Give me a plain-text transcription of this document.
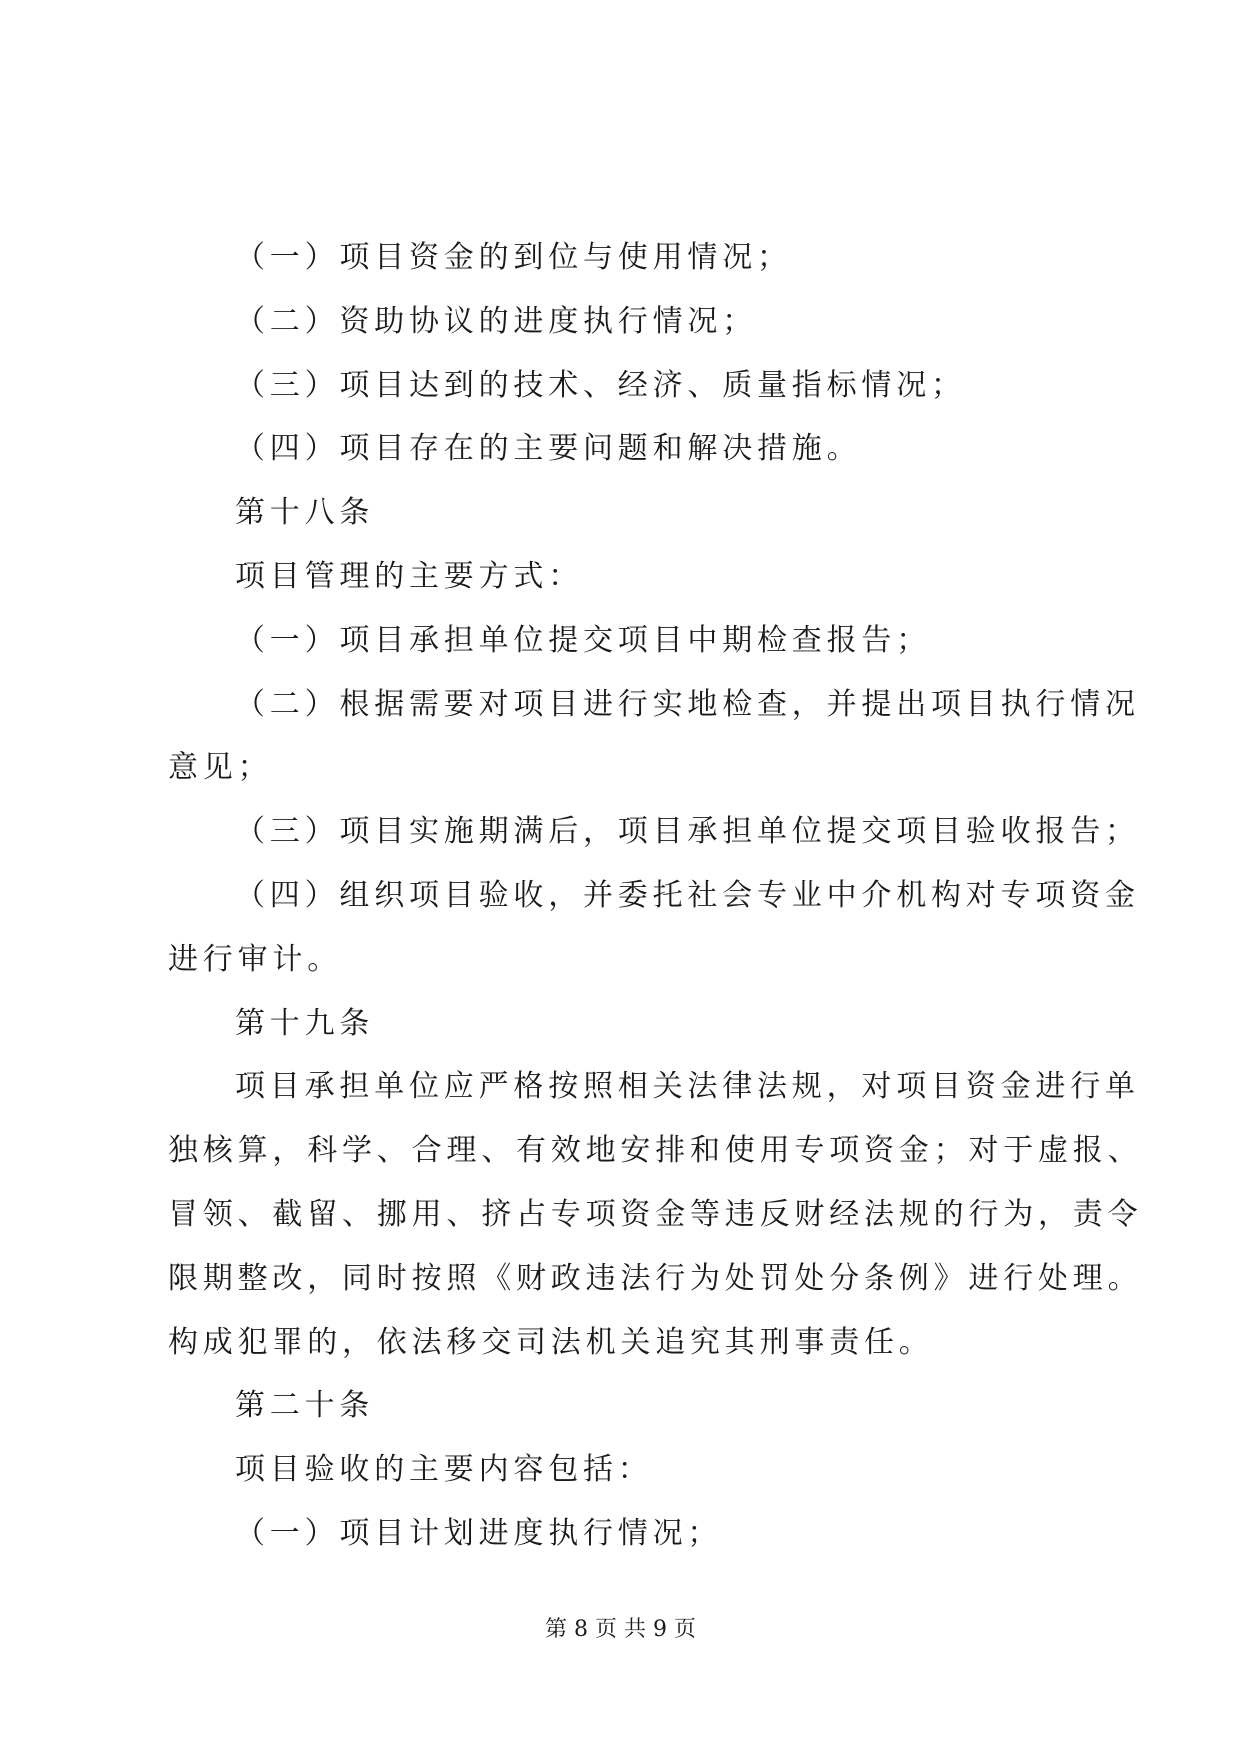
（一）项目资金的到位与使用情况；
（二）资助协议的进度执行情况；
（三）项目达到的技术、经济、质量指标情况；
（四）项目存在的主要问题和解决措施。
第十八条
项目管理的主要方式：
（一）项目承担单位提交项目中期检查报告；
（二）根据需要对项目进行实地检查，并提出项目执行情况
意见；
（三）项目实施期满后，项目承担单位提交项目验收报告；
（四）组织项目验收，并委托社会专业中介机构对专项资金
进行审计。
第十九条
项目承担单位应严格按照相关法律法规，对项目资金进行单
独核算，科学、合理、有效地安排和使用专项资金；对于虚报、
冒领、截留、挪用、挤占专项资金等违反财经法规的行为，责令
限期整改，同时按照《财政违法行为处罚处分条例》进行处理。
构成犯罪的，依法移交司法机关追究其刑事责任。
第二十条
项目验收的主要内容包括：
（一）项目计划进度执行情况；
第 8 页 共 9 页
